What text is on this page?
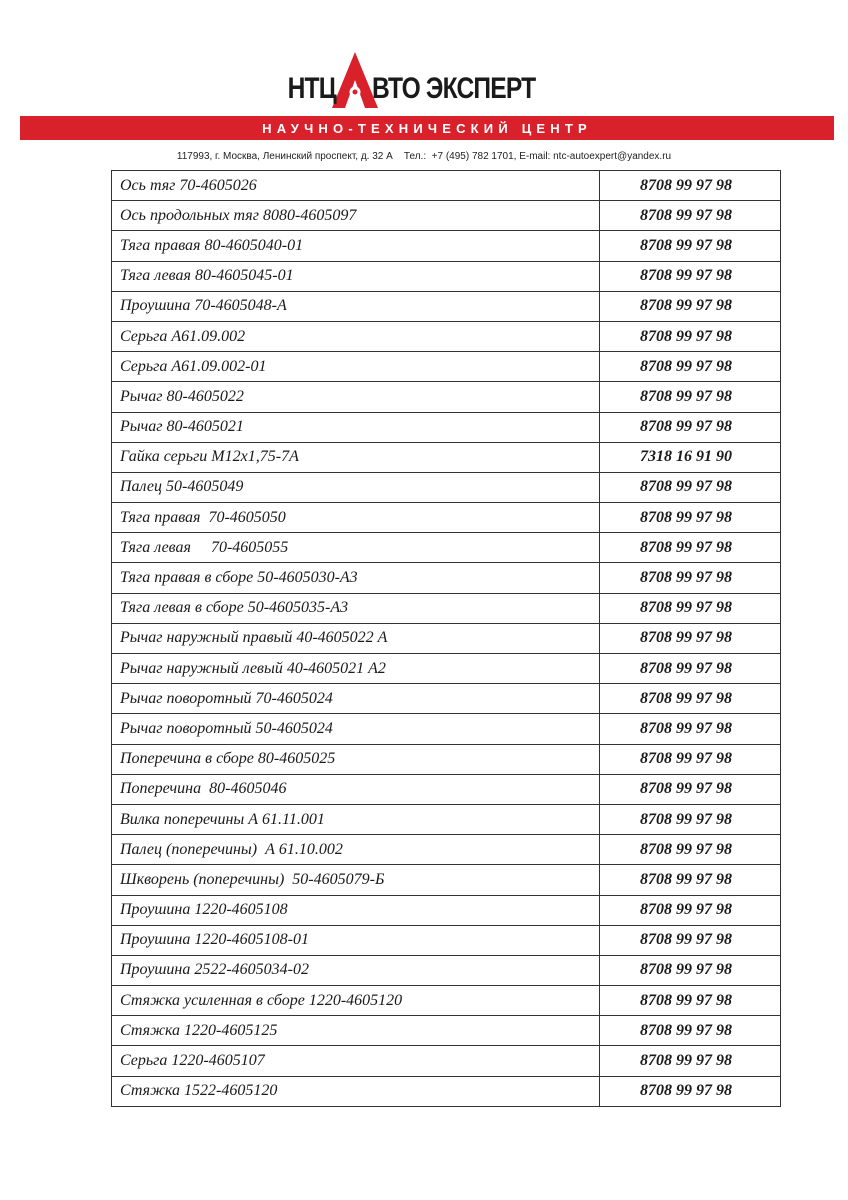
НТЦ ВТО ЭКСПЕРТ
НАУЧНО-ТЕХНИЧЕСКИЙ ЦЕНТР
117993, г. Москва, Ленинский проспект, д. 32 А    Тел.:  +7 (495) 782 1701, E-mail: ntc-autoexpert@yandex.ru
Ось тяг 70-4605026	8708 99 97 98
Ось продольных тяг 8080-4605097	8708 99 97 98
Тяга правая 80-4605040-01	8708 99 97 98
Тяга левая 80-4605045-01	8708 99 97 98
Проушина 70-4605048-А	8708 99 97 98
Серьга А61.09.002	8708 99 97 98
Серьга А61.09.002-01	8708 99 97 98
Рычаг 80-4605022	8708 99 97 98
Рычаг 80-4605021	8708 99 97 98
Гайка серьги М12х1,75-7А	7318 16 91 90
Палец 50-4605049	8708 99 97 98
Тяга правая  70-4605050	8708 99 97 98
Тяга левая     70-4605055	8708 99 97 98
Тяга правая в сборе 50-4605030-А3	8708 99 97 98
Тяга левая в сборе 50-4605035-А3	8708 99 97 98
Рычаг наружный правый 40-4605022 А	8708 99 97 98
Рычаг наружный левый 40-4605021 А2	8708 99 97 98
Рычаг поворотный 70-4605024	8708 99 97 98
Рычаг поворотный 50-4605024	8708 99 97 98
Поперечина в сборе 80-4605025	8708 99 97 98
Поперечина  80-4605046	8708 99 97 98
Вилка поперечины А 61.11.001	8708 99 97 98
Палец (поперечины)  А 61.10.002	8708 99 97 98
Шкворень (поперечины)  50-4605079-Б	8708 99 97 98
Проушина 1220-4605108	8708 99 97 98
Проушина 1220-4605108-01	8708 99 97 98
Проушина 2522-4605034-02	8708 99 97 98
Стяжка усиленная в сборе 1220-4605120	8708 99 97 98
Стяжка 1220-4605125	8708 99 97 98
Серьга 1220-4605107	8708 99 97 98
Стяжка 1522-4605120	8708 99 97 98
